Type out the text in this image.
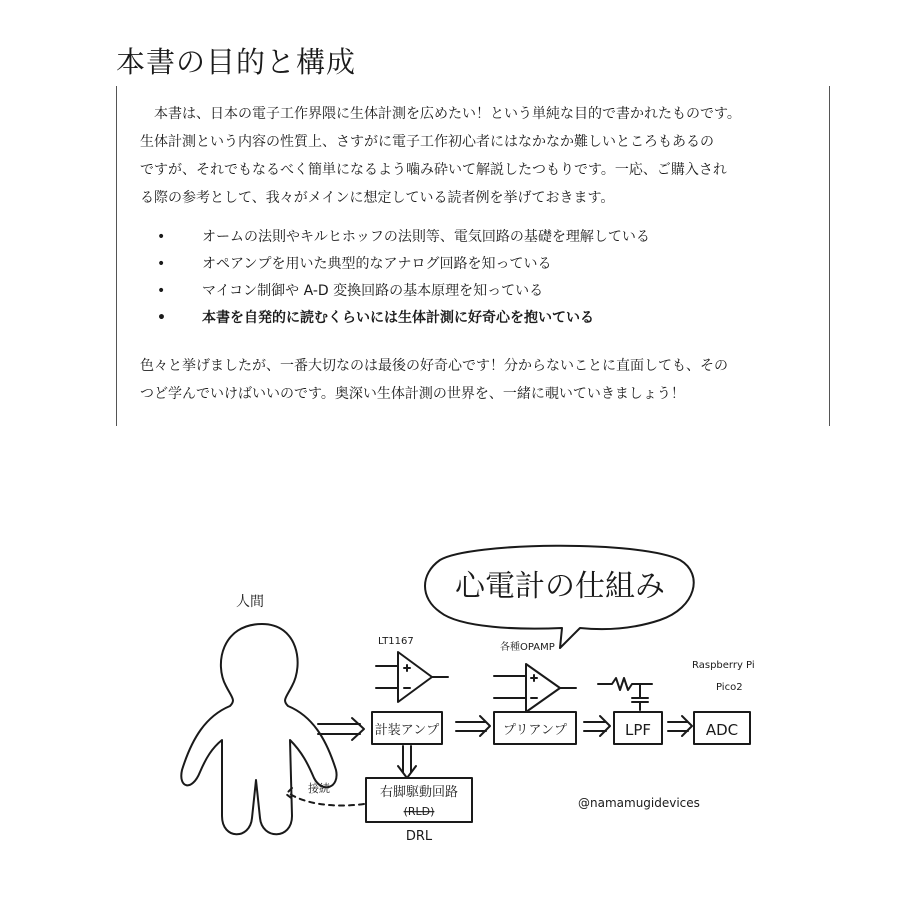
本書の目的と構成

　本書は、日本の電子工作界隈に生体計測を広めたい！という単純な目的で書かれたものです。
生体計測という内容の性質上、さすがに電子工作初心者にはなかなか難しいところもあるの
ですが、それでもなるべく簡単になるよう噛み砕いて解説したつもりです。一応、ご購入され
る際の参考として、我々がメインに想定している読者例を挙げておきます。

•	オームの法則やキルヒホッフの法則等、電気回路の基礎を理解している
•	オペアンプを用いた典型的なアナログ回路を知っている
•	マイコン制御や A-D 変換回路の基本原理を知っている
•	本書を自発的に読むくらいには生体計測に好奇心を抱いている

色々と挙げましたが、一番大切なのは最後の好奇心です！分からないことに直面しても、その
つど学んでいけばいいのです。奥深い生体計測の世界を、一緒に覗いていきましょう！

心電計の仕組み
人間
LT1167
各種OPAMP
Raspberry Pi
Pico2
計装アンプ	プリアンプ	LPF	ADC
右脚駆動回路
(RLD)
DRL
接続
@namamugidevices
